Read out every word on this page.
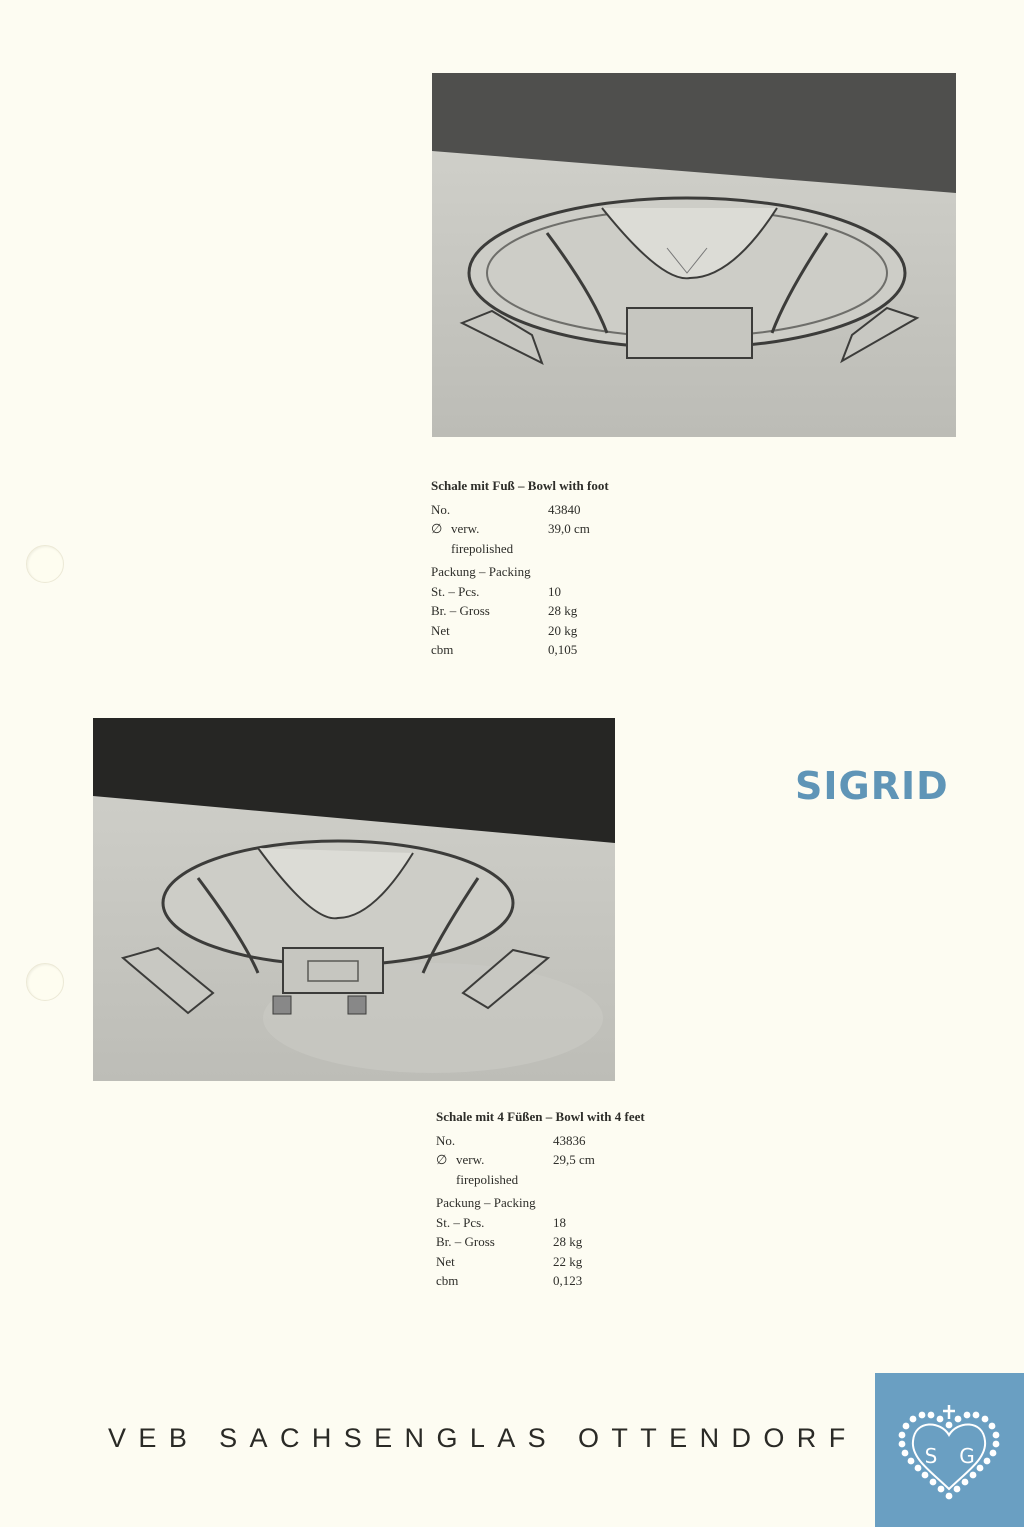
Schale mit Fuß – Bowl with foot
No.	43840
∅ verw.	39,0 cm
firepolished
Packung – Packing
St. – Pcs.	10
Br. – Gross	28 kg
Net	20 kg
cbm	0,105
SIGRID
Schale mit 4 Füßen – Bowl with 4 feet
No.	43836
∅ verw.	29,5 cm
firepolished
Packung – Packing
St. – Pcs.	18
Br. – Gross	28 kg
Net	22 kg
cbm	0,123
VEB SACHSENGLAS OTTENDORF
S G
